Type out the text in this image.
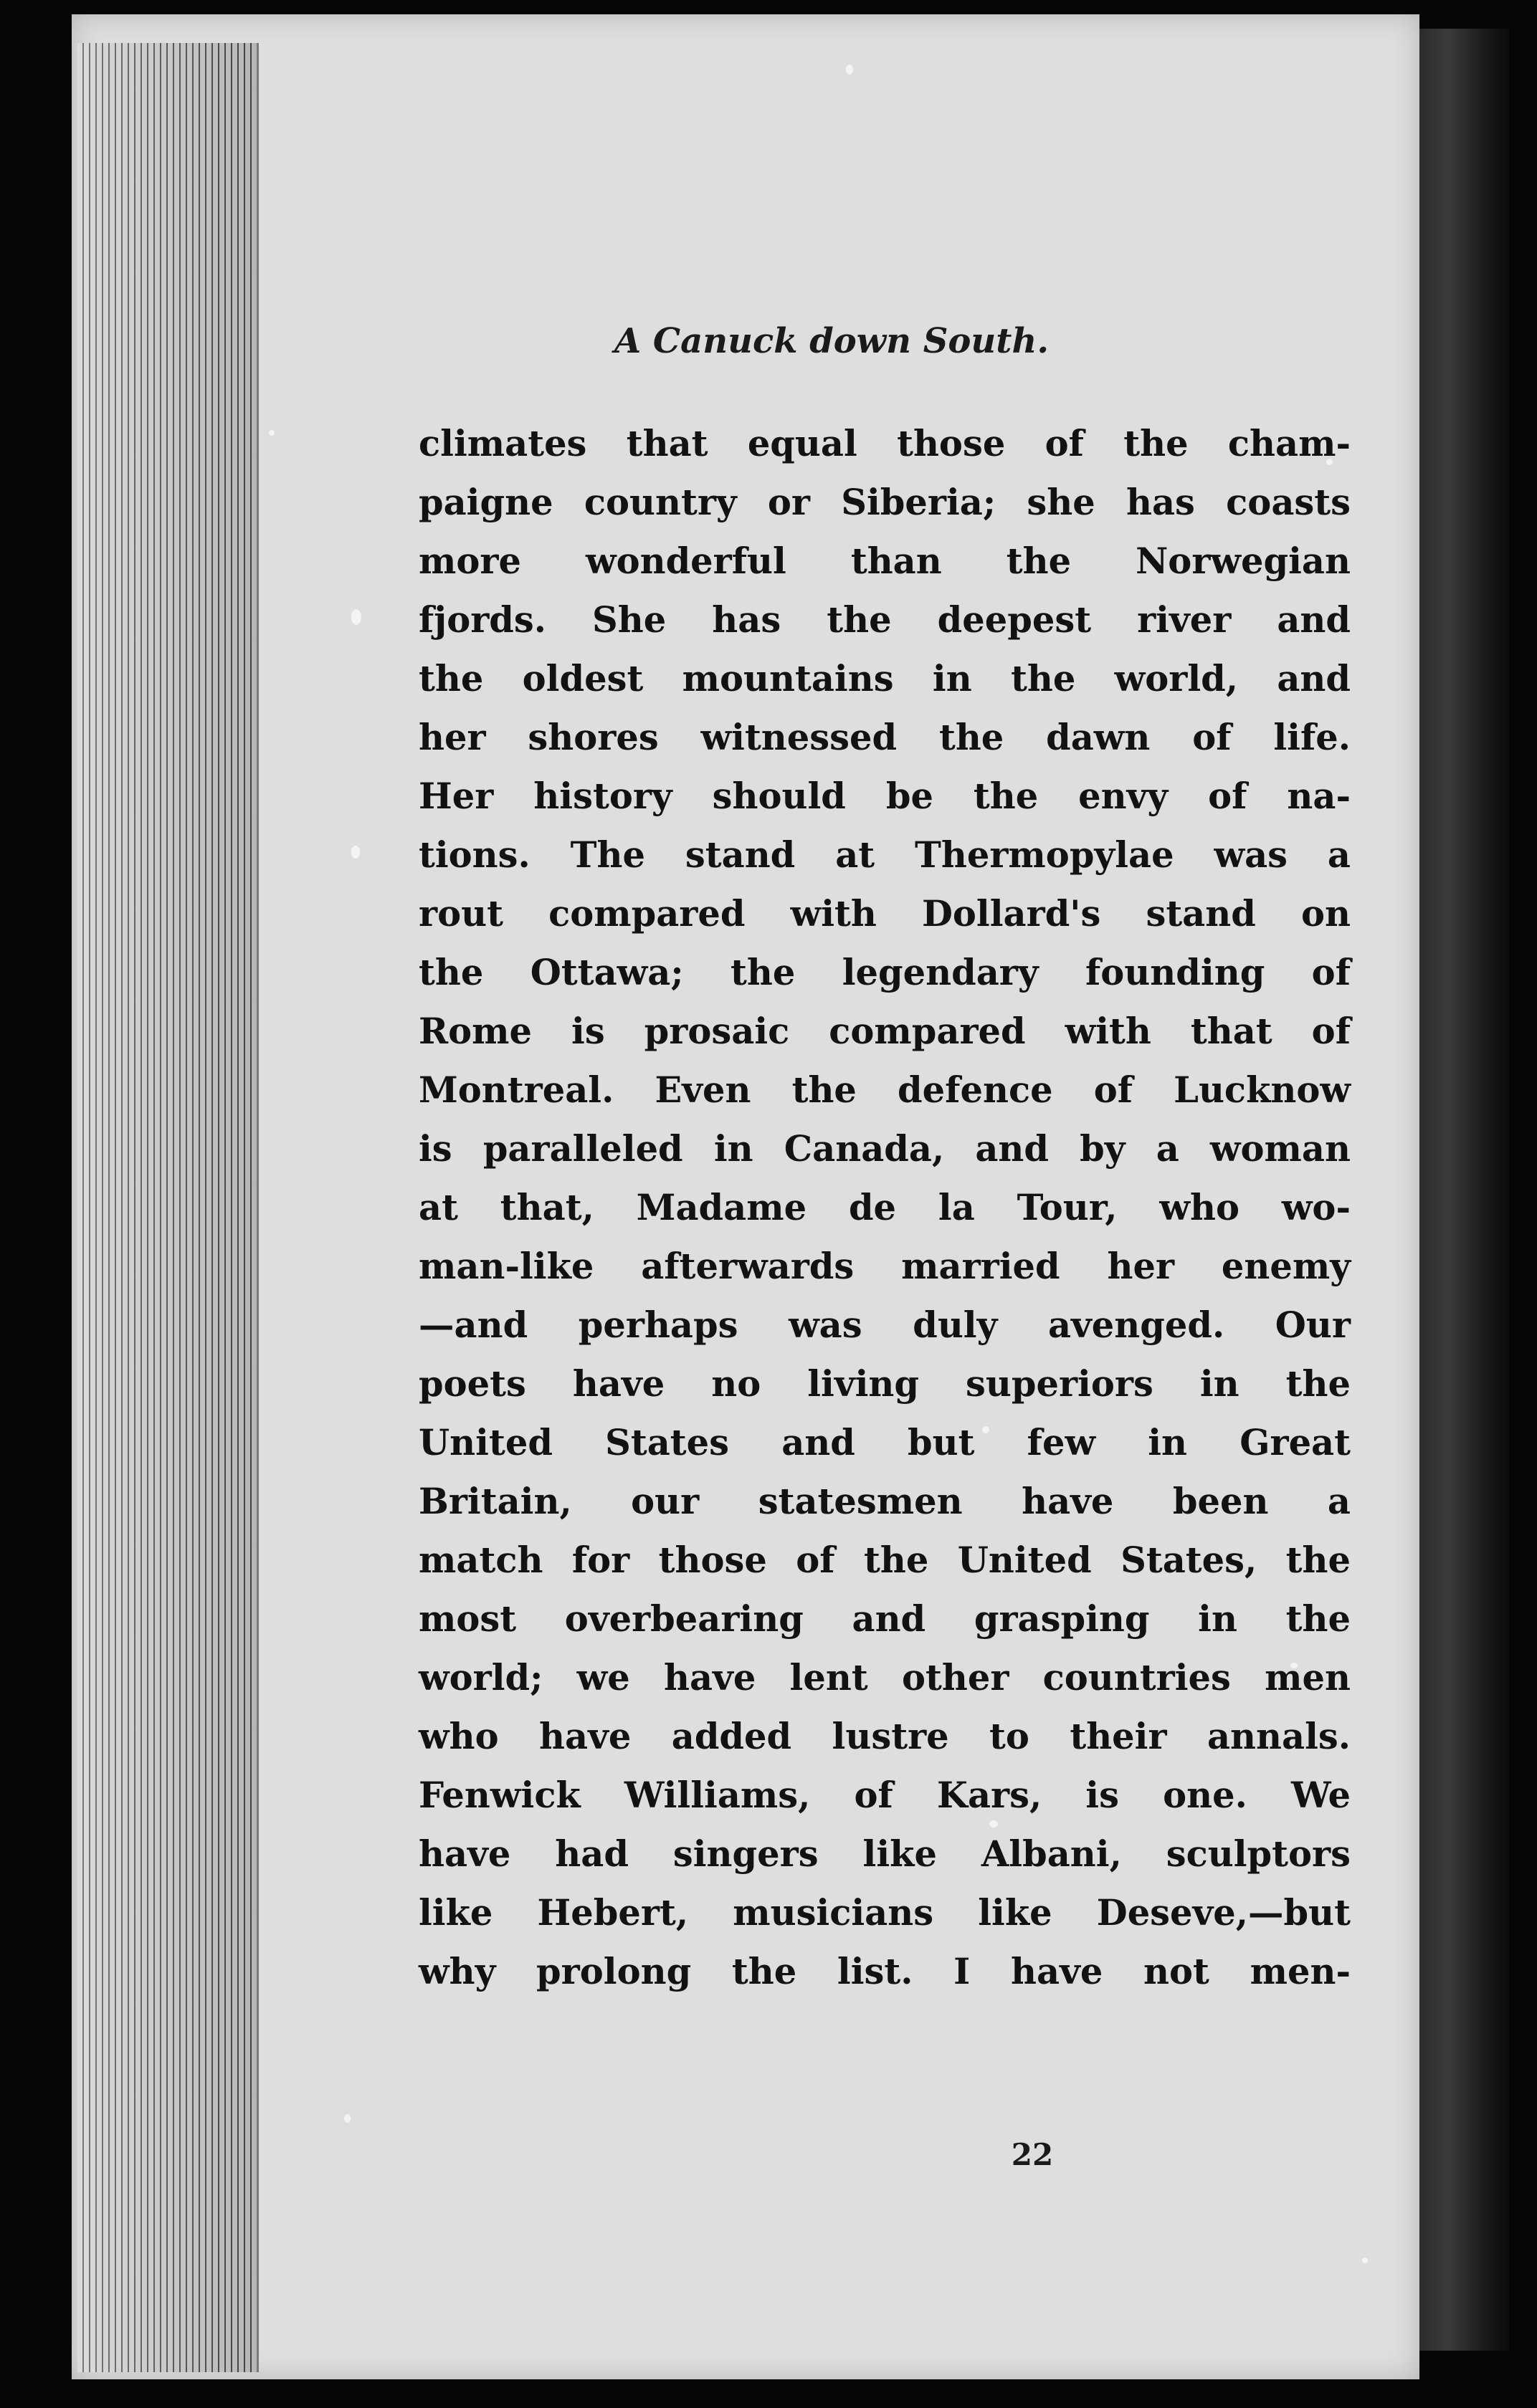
A Canuck down South.
22
climates that equal those of the cham-
paigne country or Siberia; she has coasts
more wonderful than the Norwegian
fjords. She has the deepest river and
the oldest mountains in the world, and
her shores witnessed the dawn of life.
Her history should be the envy of na-
tions. The stand at Thermopylae was a
rout compared with Dollard's stand on
the Ottawa; the legendary founding of
Rome is prosaic compared with that of
Montreal. Even the defence of Lucknow
is paralleled in Canada, and by a woman
at that, Madame de la Tour, who wo-
man-like afterwards married her enemy
—and perhaps was duly avenged. Our
poets have no living superiors in the
United States and but few in Great
Britain, our statesmen have been a
match for those of the United States, the
most overbearing and grasping in the
world; we have lent other countries men
who have added lustre to their annals.
Fenwick Williams, of Kars, is one. We
have had singers like Albani, sculptors
like Hebert, musicians like Deseve,—but
why prolong the list. I have not men-
